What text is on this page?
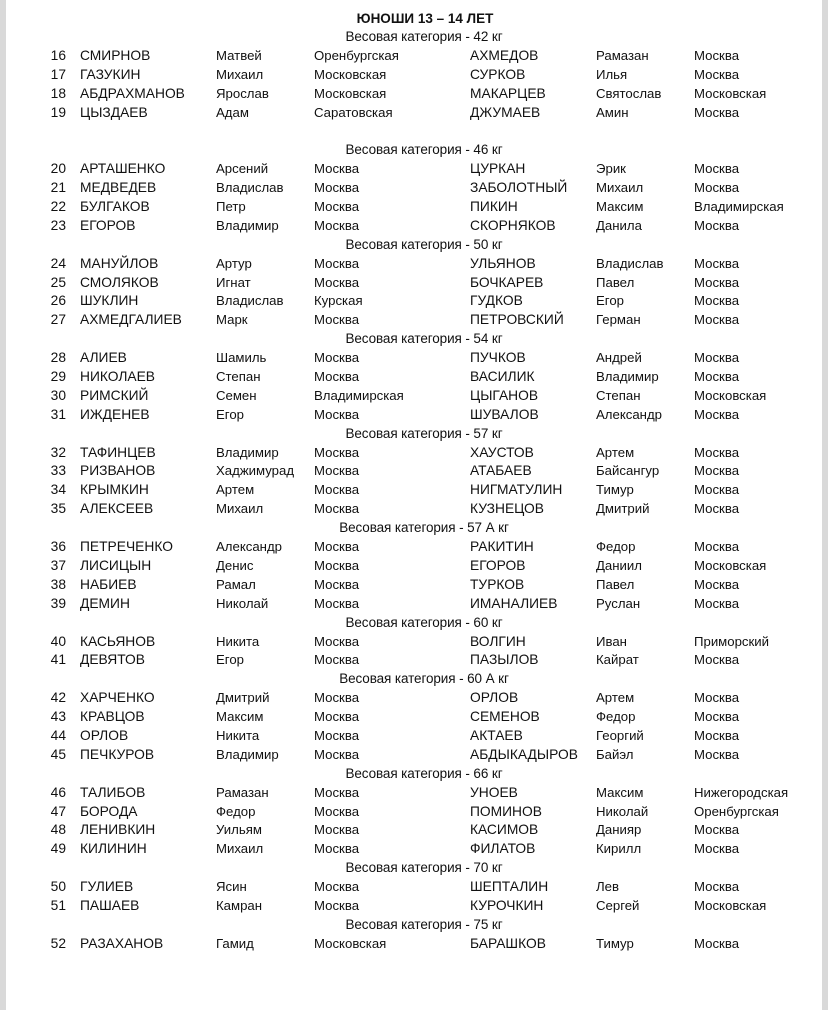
ЮНОШИ 13 – 14 ЛЕТ
Весовая категория - 42 кг
16 СМИРНОВ	Матвей	Оренбургская	АХМЕДОВ	Рамазан	Москва
17 ГАЗУКИН	Михаил	Московская	СУРКОВ	Илья	Москва
18 АБДРАХМАНОВ Ярослав	Московская	МАКАРЦЕВ	Святослав Московская
19 ЦЫЗДАЕВ	Адам	Саратовская	ДЖУМАЕВ	Амин	Москва
Весовая категория - 46 кг
20 АРТАШЕНКО	Арсений	Москва	ЦУРКАН	Эрик	Москва
21 МЕДВЕДЕВ	Владислав Москва	ЗАБОЛОТНЫЙ Михаил	Москва
22 БУЛГАКОВ	Петр	Москва	ПИКИН	Максим	Владимирская
23 ЕГОРОВ	Владимир	Москва	СКОРНЯКОВ	Данила	Москва
Весовая категория - 50 кг
24 МАНУЙЛОВ	Артур	Москва	УЛЬЯНОВ	Владислав Москва
25 СМОЛЯКОВ	Игнат	Москва	БОЧКАРЕВ	Павел	Москва
26 ШУКЛИН	Владислав Курская	ГУДКОВ	Егор	Москва
27 АХМЕДГАЛИЕВ	Марк	Москва	ПЕТРОВСКИЙ Герман	Москва
Весовая категория - 54 кг
28 АЛИЕВ	Шамиль	Москва	ПУЧКОВ	Андрей	Москва
29 НИКОЛАЕВ	Степан	Москва	ВАСИЛИК	Владимир	Москва
30 РИМСКИЙ	Семен	Владимирская	ЦЫГАНОВ	Степан	Московская
31 ИЖДЕНЕВ	Егор	Москва	ШУВАЛОВ	Александр Москва
Весовая категория - 57 кг
32 ТАФИНЦЕВ	Владимир	Москва	ХАУСТОВ	Артем	Москва
33 РИЗВАНОВ	Хаджимурад Москва	АТАБАЕВ	Байсангур	Москва
34 КРЫМКИН	Артем	Москва	НИГМАТУЛИН	Тимур	Москва
35 АЛЕКСЕЕВ	Михаил	Москва	КУЗНЕЦОВ	Дмитрий	Москва
Весовая категория - 57 А кг
36 ПЕТРЕЧЕНКО	Александр Москва	РАКИТИН	Федор	Москва
37 ЛИСИЦЫН	Денис	Москва	ЕГОРОВ	Даниил	Московская
38 НАБИЕВ	Рамал	Москва	ТУРКОВ	Павел	Москва
39 ДЕМИН	Николай	Москва	ИМАНАЛИЕВ	Руслан	Москва
Весовая категория - 60 кг
40 КАСЬЯНОВ	Никита	Москва	ВОЛГИН	Иван	Приморский
41 ДЕВЯТОВ	Егор	Москва	ПАЗЫЛОВ	Кайрат	Москва
Весовая категория - 60 А кг
42 ХАРЧЕНКО	Дмитрий	Москва	ОРЛОВ	Артем	Москва
43 КРАВЦОВ	Максим	Москва	СЕМЕНОВ	Федор	Москва
44 ОРЛОВ	Никита	Москва	АКТАЕВ	Георгий	Москва
45 ПЕЧКУРОВ	Владимир	Москва	АБДЫКАДЫРОВ Байэл	Москва
Весовая категория - 66 кг
46 ТАЛИБОВ	Рамазан	Москва	УНОЕВ	Максим	Нижегородская
47 БОРОДА	Федор	Москва	ПОМИНОВ	Николай	Оренбургская
48 ЛЕНИВКИН	Уильям	Москва	КАСИМОВ	Данияр	Москва
49 КИЛИНИН	Михаил	Москва	ФИЛАТОВ	Кирилл	Москва
Весовая категория - 70 кг
50 ГУЛИЕВ	Ясин	Москва	ШЕПТАЛИН	Лев	Москва
51 ПАШАЕВ	Камран	Москва	КУРОЧКИН	Сергей	Московская
Весовая категория - 75 кг
52 РАЗАХАНОВ	Гамид	Московская	БАРАШКОВ	Тимур	Москва
